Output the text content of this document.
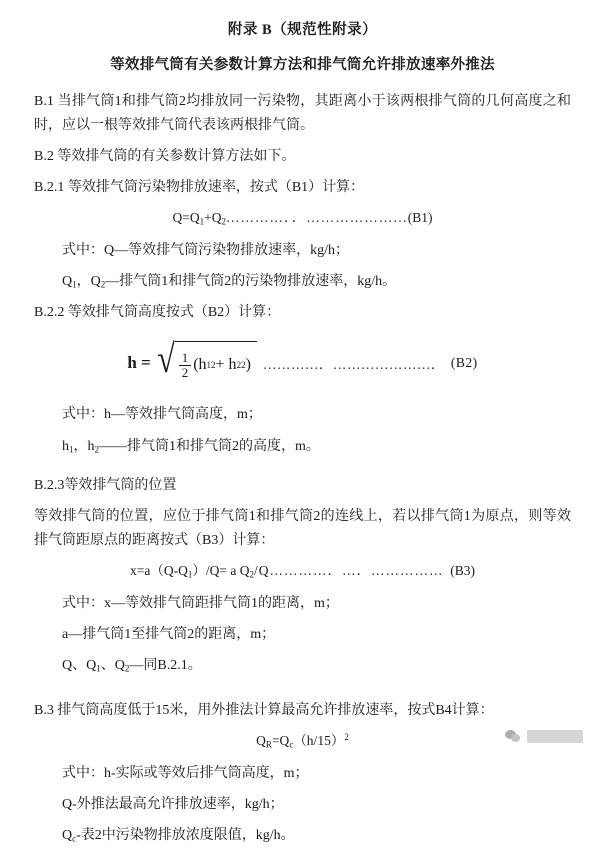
附录 B（规范性附录）
等效排气筒有关参数计算方法和排气筒允许排放速率外推法

B.1 当排气筒1和排气筒2均排放同一污染物，其距离小于该两根排气筒的几何高度之和时，应以一根等效排气筒代表该两根排气筒。

B.2 等效排气筒的有关参数计算方法如下。

B.2.1 等效排气筒污染物排放速率，按式（B1）计算：

$Q=Q_1+Q_2\dots\dots\dots\dots$．．…………………(B1)

式中：Q—等效排气筒污染物排放速率，kg/h；

$Q_1$，$Q_2—$排气筒1和排气筒2的污染物排放速率，kg/h。

B.2.2 等效排气筒高度按式（B2）计算：

h = √ $\frac{1}{2} (h$ 1 2 + h 2 2 ) …………．…………………． (B2)

式中：h—等效排气筒高度，m；

$h_1$，$h_2——$排气筒1和排气筒2的高度，m。

B.2.3等效排气筒的位置

等效排气筒的位置，应位于排气筒1和排气筒2的连线上，若以排气筒1为原点，则等效排气筒距原点的距离按式（B3）计算：

$x=a(Q-Q_1)/Q= a$ $Q_2/Q\dots\dots\dots\dots$．…．…………… (B3)

式中：x—等效排气筒距排气筒1的距离，m；

a—排气筒1至排气筒2的距离，m；

Q、$Q_1$、$Q_2—$同B.2.1。

B.3 排气筒高度低于15米，用外推法计算最高允许排放速率，按式B4计算：

$Q_R=Q_c(h/15)^2$

式中：h-实际或等效后排气筒高度，m；

Q-外推法最高允许排放速率，kg/h；

$Q_c-$表2中污染物排放浓度限值，kg/h。
